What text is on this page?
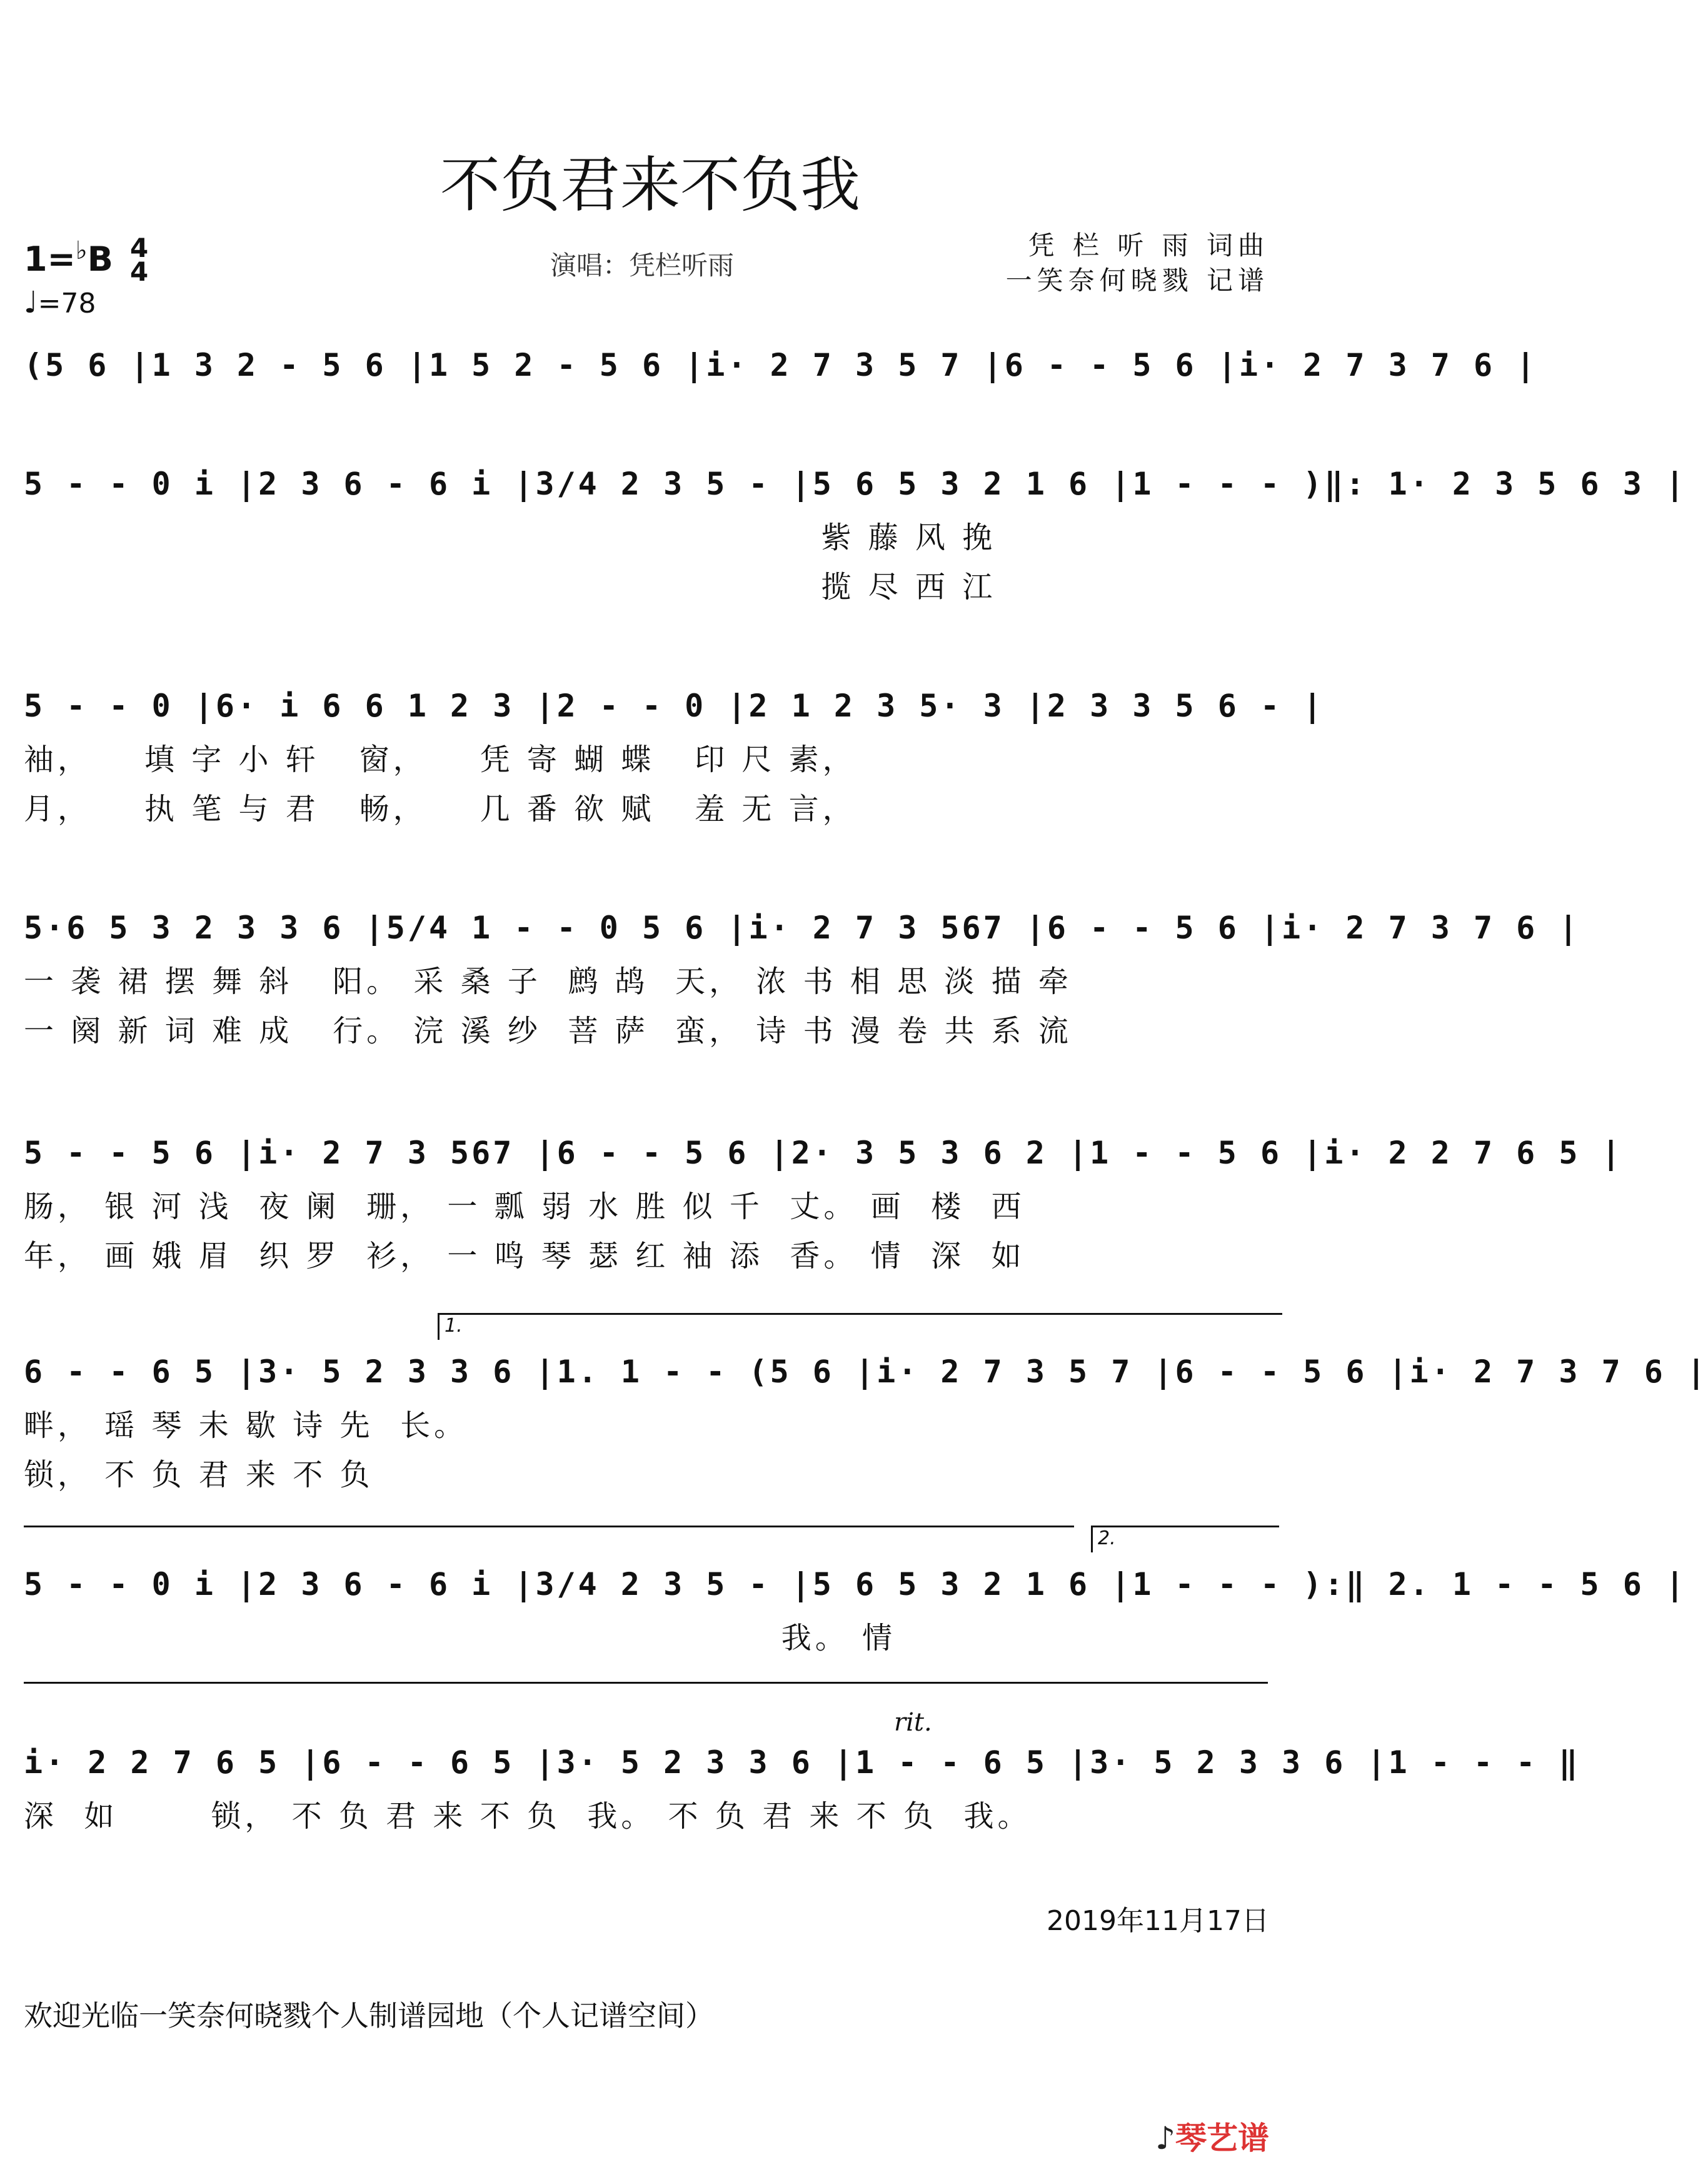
不负君来不负我
1=♭B 4
4
♩=78
演唱：凭栏听雨
凭 栏 听 雨 词曲
一笑奈何晓戮 记谱
(5 6 |1 3 2 - 5 6 |1 5 2 - 5 6 |i· 2 7 3 5 7 |6 - - 5 6 |i· 2 7 3 7 6 |
5 - - 0 i |2 3 6 - 6 i |3/4 2 3 5 - |5 6 5 3 2 1 6 |1 - - - )‖: 1· 2 3 5 6 3 |
紫 藤 风 挽
揽 尽 西 江
5 - - 0 |6· i 6 6 1 2 3 |2 - - 0 |2 1 2 3 5· 3 |2 3 3 5 6 - |
袖，    填 字 小 轩   窗，    凭 寄 蝴 蝶   印 尺 素，
月，    执 笔 与 君   畅，    几 番 欲 赋   羞 无 言，
5·6 5 3 2 3 3 6 |5/4 1 - - 0 5 6 |i· 2 7 3 567 |6 - - 5 6 |i· 2 7 3 7 6 |
一 袭 裙 摆 舞 斜   阳。 采 桑 子  鹧 鸪  天， 浓 书 相 思 淡 描 牵
一 阕 新 词 难 成   行。 浣 溪 纱  菩 萨  蛮， 诗 书 漫 卷 共 系 流
5 - - 5 6 |i· 2 7 3 567 |6 - - 5 6 |2· 3 5 3 6 2 |1 - - 5 6 |i· 2 2 7 6 5 |
肠， 银 河 浅  夜 阑  珊， 一 瓢 弱 水 胜 似 千  丈。 画  楼  西
年， 画 娥 眉  织 罗  衫， 一 鸣 琴 瑟 红 袖 添  香。 情  深  如
1.
6 - - 6 5 |3· 5 2 3 3 6 |1. 1 - - (5 6 |i· 2 7 3 5 7 |6 - - 5 6 |i· 2 7 3 7 6 |
畔， 瑶 琴 未 歇 诗 先  长。
锁， 不 负 君 来 不 负
2.
5 - - 0 i |2 3 6 - 6 i |3/4 2 3 5 - |5 6 5 3 2 1 6 |1 - - - ):‖ 2. 1 - - 5 6 |
我。 情
rit.
i· 2 2 7 6 5 |6 - - 6 5 |3· 5 2 3 3 6 |1 - - 6 5 |3· 5 2 3 3 6 |1 - - - ‖
深  如       锁， 不 负 君 来 不 负  我。 不 负 君 来 不 负  我。
2019年11月17日
欢迎光临一笑奈何晓戮个人制谱园地（个人记谱空间）
♪琴艺谱
